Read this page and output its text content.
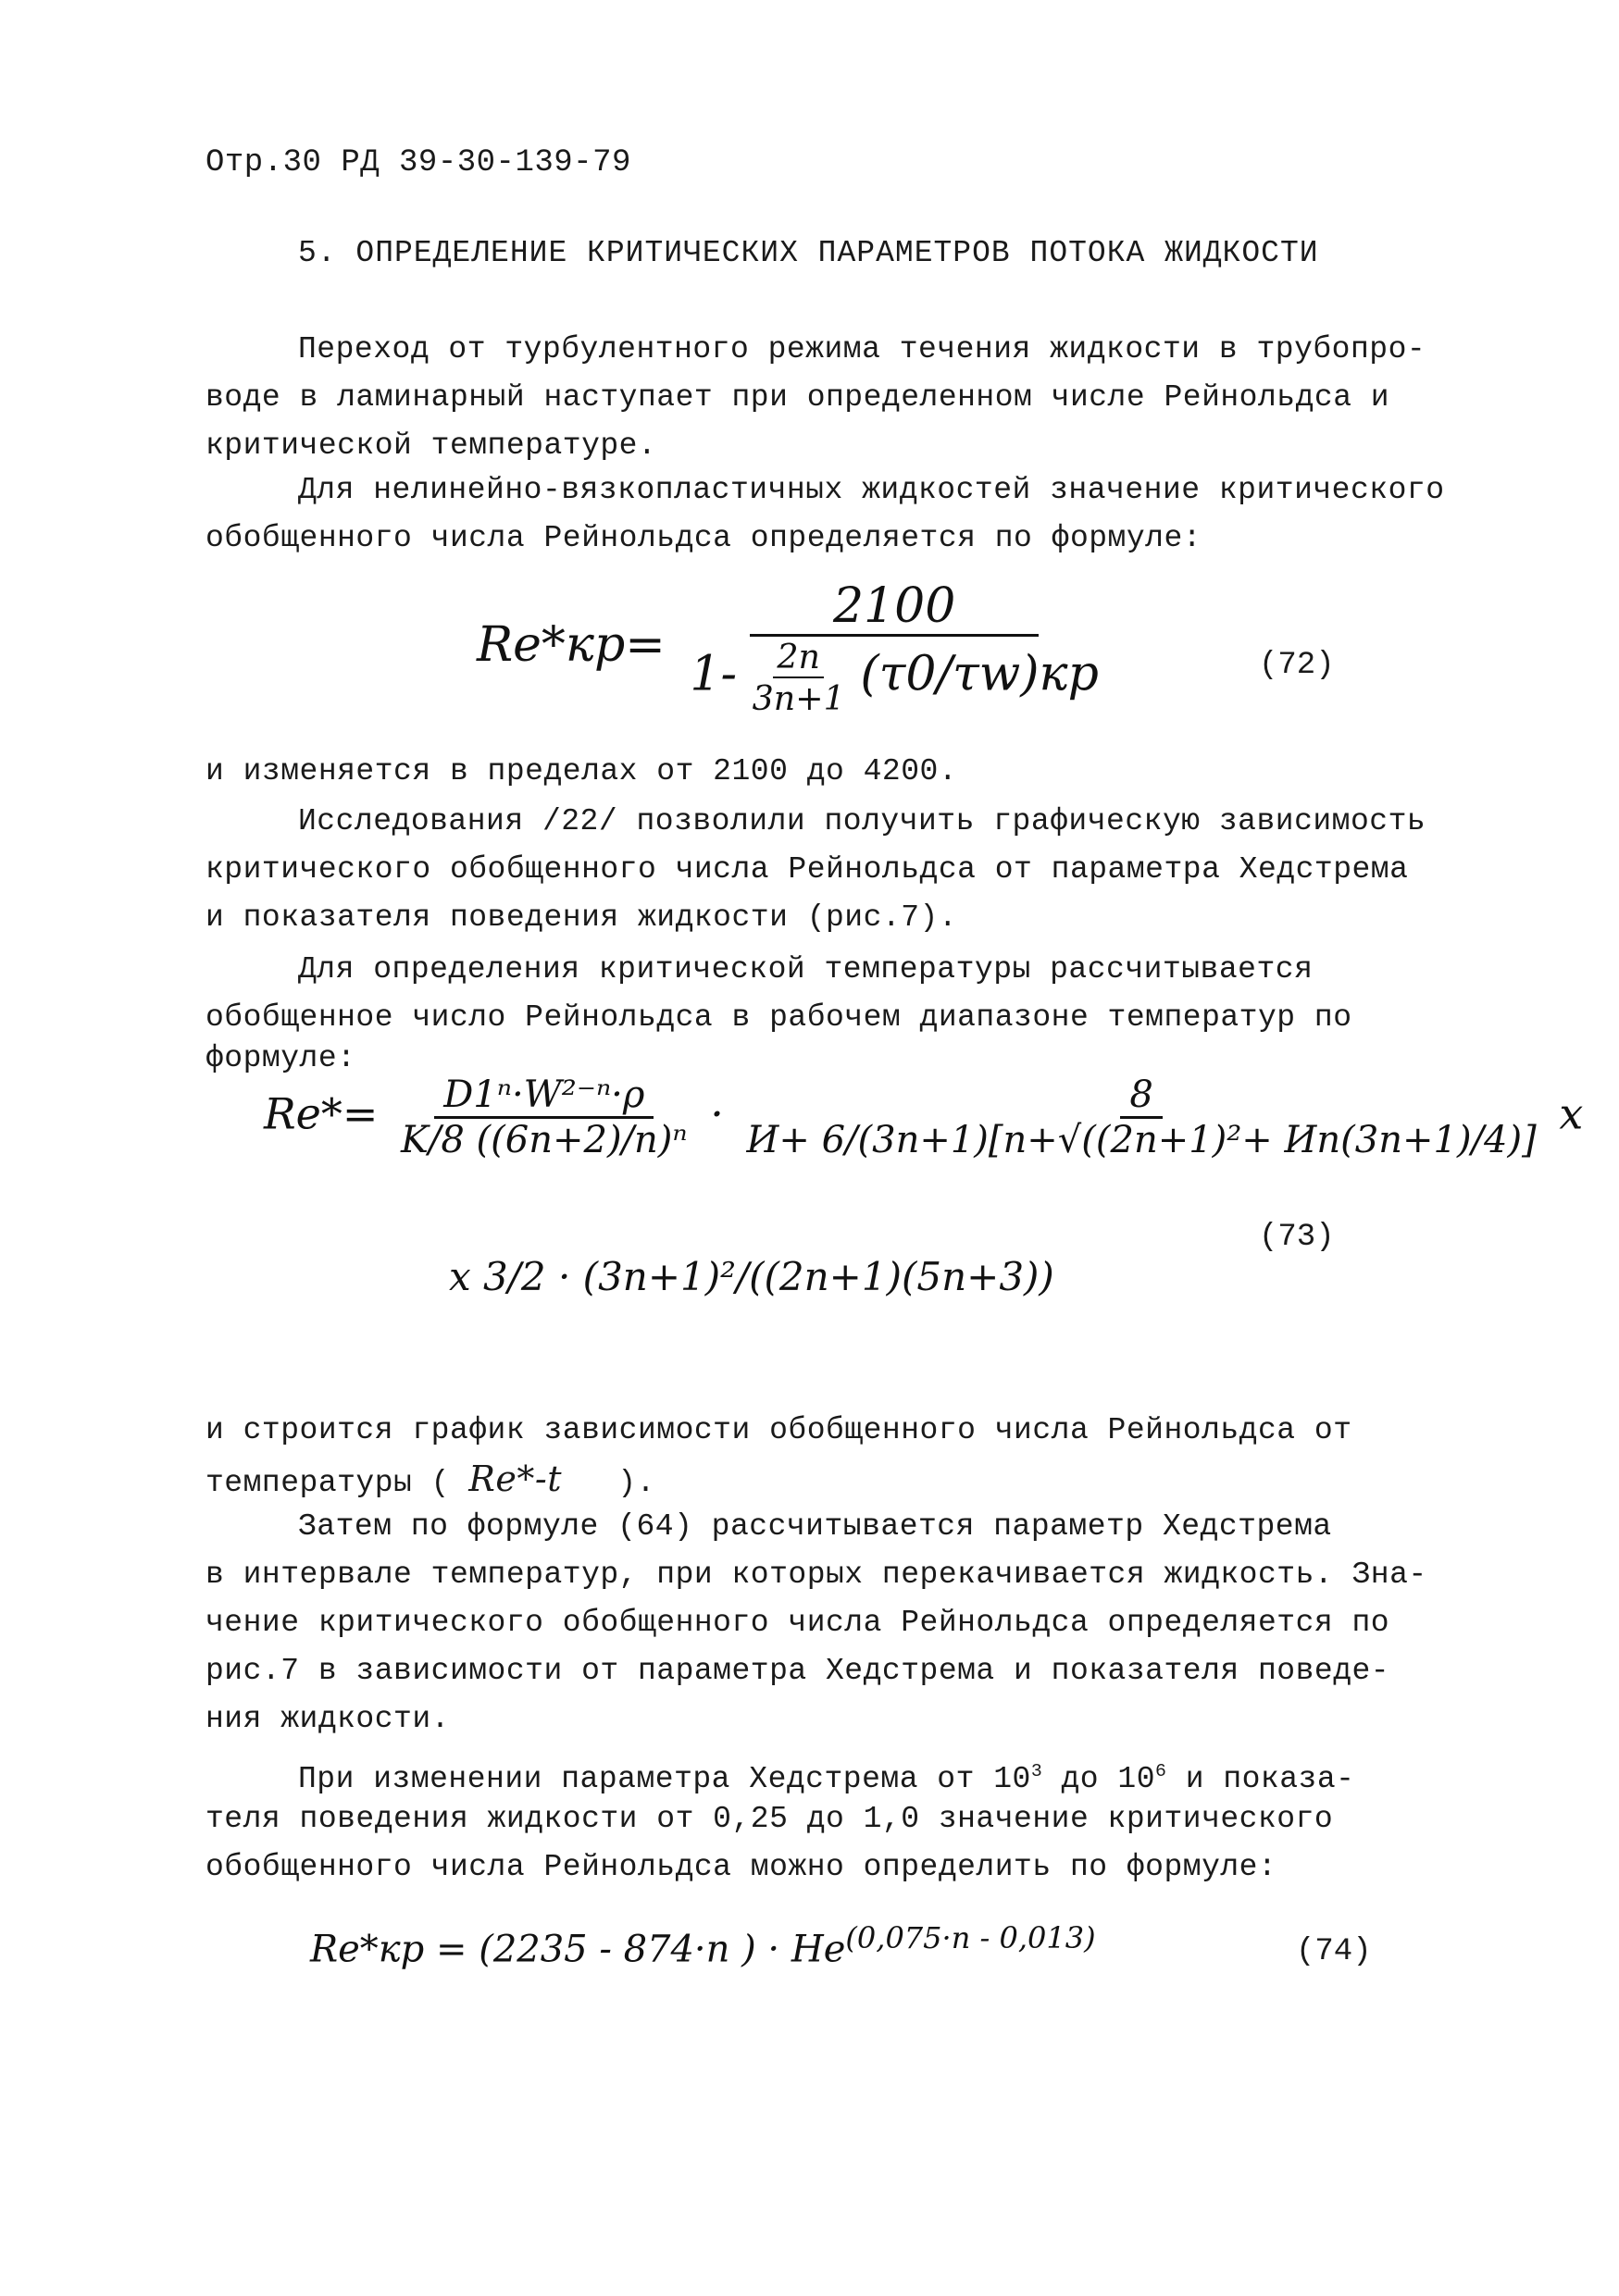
Отр.30 РД 39-30-139-79
5. ОПРЕДЕЛЕНИЕ КРИТИЧЕСКИХ ПАРАМЕТРОВ ПОТОКА ЖИДКОСТИ
Переход от турбулентного режима течения жидкости в трубопро-
воде в ламинарный наступает при определенном числе Рейнольдса и
критической температуре.
Для нелинейно-вязкопластичных жидкостей значение критического
обобщенного числа Рейнольдса определяется по формуле:
Re*кр=
2100
$1- \frac{2n}{3n+1} (\tau 0/\tau w)кр$	(72)
и изменяется в пределах от 2100 до 4200.
Исследования /22/ позволили получить графическую зависимость
критического обобщенного числа Рейнольдса от параметра Хедстрема
и показателя поведения жидкости (рис.7).
Для определения критической температуры рассчитывается
обобщенное число Рейнольдса в рабочем диапазоне температур по
формуле:
$Re*= \frac{\text{D1ⁿ·W²⁻ⁿ·ρ}}{\text{K/8 ((6n+2)/n)ⁿ}} \cdot \frac{8}{\text{И+ 6/(3n+1)[n+√((2n+1)²+ Иn(3n+1)/4)]}}$ x
x 3/2 · (3n+1)²/((2n+1)(5n+3))
(73)
и строится график зависимости обобщенного числа Рейнольдса от
температуры ( Re*-t ).
Затем по формуле (64) рассчитывается параметр Хедстрема
в интервале температур, при которых перекачивается жидкость. Зна-
чение критического обобщенного числа Рейнольдса определяется по
рис.7 в зависимости от параметра Хедстрема и показателя поведе-
ния жидкости.
При изменении параметра Хедстрема от $10^3$ до $10^6$ и показа-
теля поведения жидкости от 0,25 до 1,0 значение критического
обобщенного числа Рейнольдса можно определить по формуле:
Re*кр = (2235 - 874·n ) · $He^{(0,075\cdot n - 0,013)}$	(74)
